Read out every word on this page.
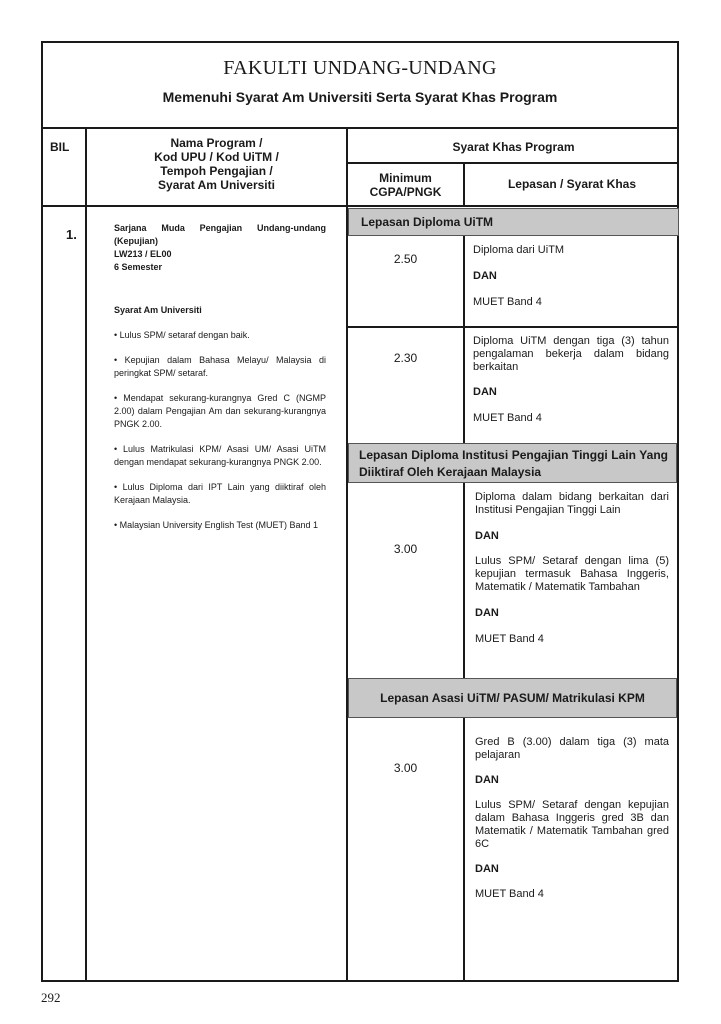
FAKULTI UNDANG-UNDANG
Memenuhi Syarat Am Universiti Serta Syarat Khas Program
BIL	Nama Program /
Kod UPU / Kod UiTM /
Tempoh Pengajian /
Syarat Am Universiti
Syarat Khas Program
Minimum
CGPA/PNGK
Lepasan / Syarat Khas
1.	Sarjana Muda Pengajian Undang-undang (Kepujian)
LW213 / EL00
6 Semester
Syarat Am Universiti
• Lulus SPM/ setaraf dengan baik.
• Kepujian dalam Bahasa Melayu/ Malaysia di peringkat SPM/ setaraf.
• Mendapat sekurang-kurangnya Gred C (NGMP 2.00) dalam Pengajian Am dan sekurang-kurangnya PNGK 2.00.
• Lulus Matrikulasi KPM/ Asasi UM/ Asasi UiTM dengan mendapat sekurang-kurangnya PNGK 2.00.
• Lulus Diploma dari IPT Lain yang diiktiraf oleh Kerajaan Malaysia.
• Malaysian University English Test (MUET) Band 1
Lepasan Diploma UiTM
2.50

Diploma dari UiTM

DAN

MUET Band 4

2.30

Diploma UiTM dengan tiga (3) tahun pengalaman bekerja dalam bidang berkaitan

DAN

MUET Band 4

Lepasan Diploma Institusi Pengajian Tinggi Lain Yang Diiktiraf Oleh Kerajaan Malaysia
3.00

Diploma dalam bidang berkaitan dari Institusi Pengajian Tinggi Lain

DAN

Lulus SPM/ Setaraf dengan lima (5) kepujian termasuk Bahasa Inggeris, Matematik / Matematik Tambahan

DAN

MUET Band 4

Lepasan Asasi UiTM/ PASUM/ Matrikulasi KPM
3.00

Gred B (3.00) dalam tiga (3) mata pelajaran

DAN

Lulus SPM/ Setaraf dengan kepujian dalam Bahasa Inggeris gred 3B dan Matematik / Matematik Tambahan gred 6C

DAN

MUET Band 4

292
